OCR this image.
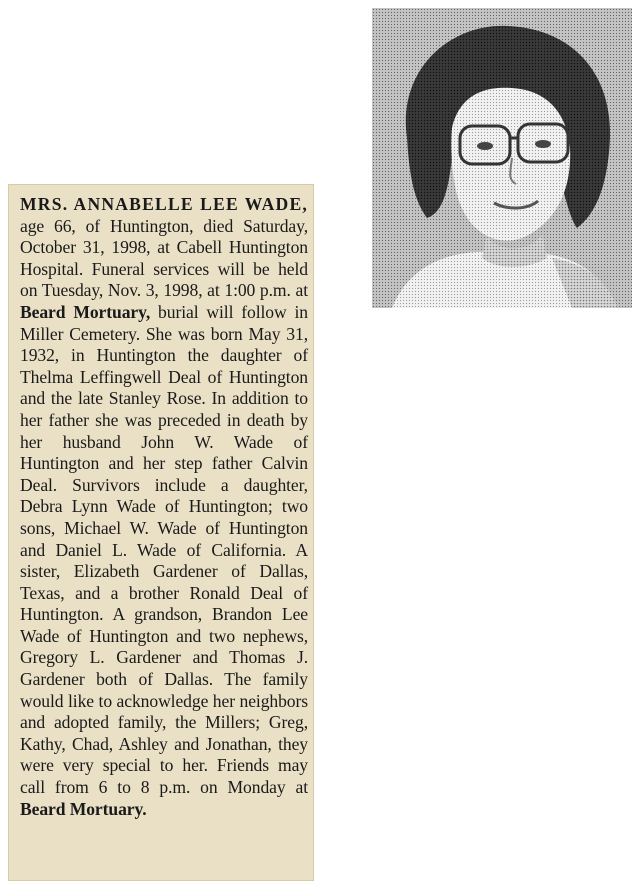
MRS. ANNABELLE LEE WADE, age 66, of Huntington, died Saturday, October 31, 1998, at Cabell Huntington Hospital. Funeral services will be held on Tuesday, Nov. 3, 1998, at 1:00 p.m. at Beard Mortuary, burial will follow in Miller Cemetery. She was born May 31, 1932, in Huntington the daughter of Thelma Leffingwell Deal of Huntington and the late Stanley Rose. In addition to her father she was preceded in death by her husband John W. Wade of Huntington and her step father Calvin Deal. Survivors include a daughter, Debra Lynn Wade of Huntington; two sons, Michael W. Wade of Huntington and Daniel L. Wade of California. A sister, Elizabeth Gardener of Dallas, Texas, and a brother Ronald Deal of Huntington. A grandson, Brandon Lee Wade of Huntington and two nephews, Gregory L. Gardener and Thomas J. Gardener both of Dallas. The family would like to acknowledge her neighbors and adopted family, the Millers; Greg, Kathy, Chad, Ashley and Jonathan, they were very special to her. Friends may call from 6 to 8 p.m. on Monday at Beard Mortuary.
